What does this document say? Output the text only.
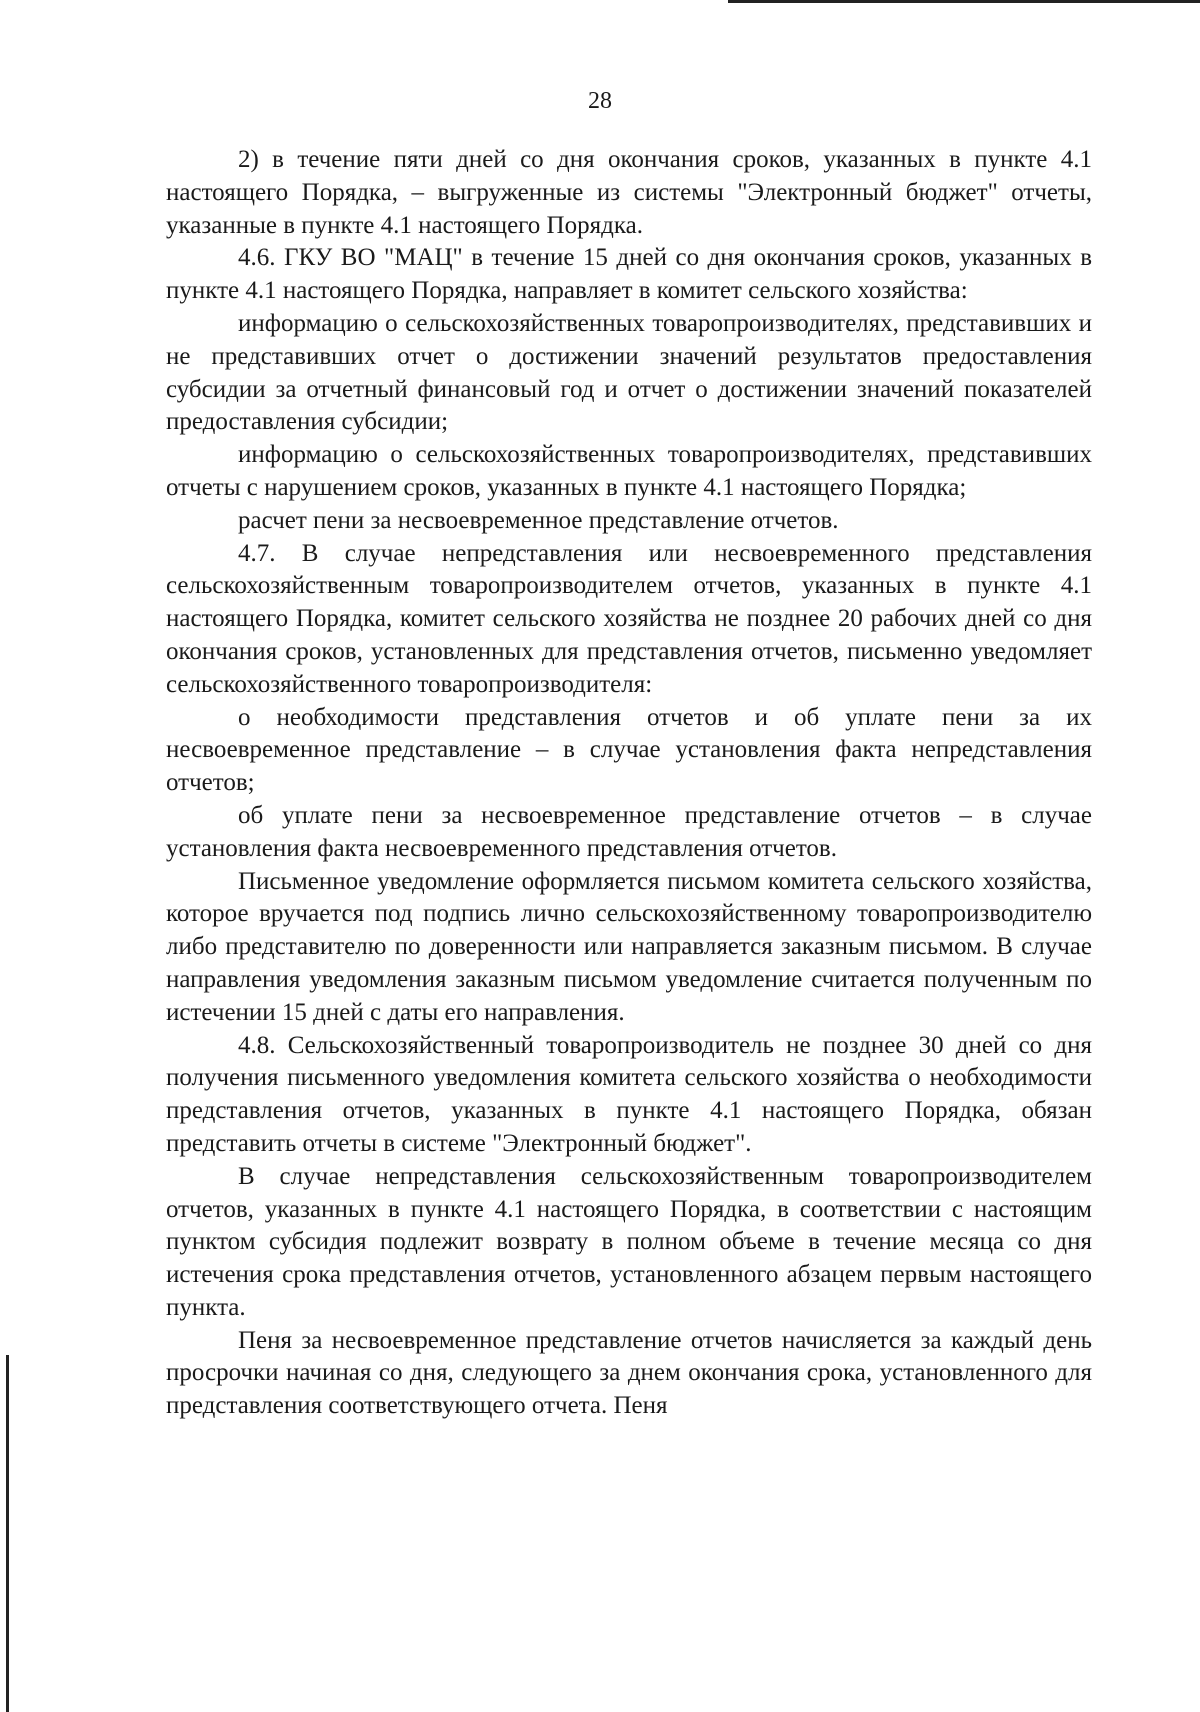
28

2) в течение пяти дней со дня окончания сроков, указанных в пункте 4.1 настоящего Порядка, – выгруженные из системы "Электронный бюджет" отчеты, указанные в пункте 4.1 настоящего Порядка.

4.6. ГКУ ВО "МАЦ" в течение 15 дней со дня окончания сроков, указанных в пункте 4.1 настоящего Порядка, направляет в комитет сельского хозяйства:

информацию о сельскохозяйственных товаропроизводителях, представивших и не представивших отчет о достижении значений результатов предоставления субсидии за отчетный финансовый год и отчет о достижении значений показателей предоставления субсидии;

информацию о сельскохозяйственных товаропроизводителях, представивших отчеты с нарушением сроков, указанных в пункте 4.1 настоящего Порядка;

расчет пени за несвоевременное представление отчетов.

4.7. В случае непредставления или несвоевременного представления сельскохозяйственным товаропроизводителем отчетов, указанных в пункте 4.1 настоящего Порядка, комитет сельского хозяйства не позднее 20 рабочих дней со дня окончания сроков, установленных для представления отчетов, письменно уведомляет сельскохозяйственного товаропроизводителя:

о необходимости представления отчетов и об уплате пени за их несвоевременное представление – в случае установления факта непредставления отчетов;

об уплате пени за несвоевременное представление отчетов – в случае установления факта несвоевременного представления отчетов.

Письменное уведомление оформляется письмом комитета сельского хозяйства, которое вручается под подпись лично сельскохозяйственному товаропроизводителю либо представителю по доверенности или направляется заказным письмом. В случае направления уведомления заказным письмом уведомление считается полученным по истечении 15 дней с даты его направления.

4.8. Сельскохозяйственный товаропроизводитель не позднее 30 дней со дня получения письменного уведомления комитета сельского хозяйства о необходимости представления отчетов, указанных в пункте 4.1 настоящего Порядка, обязан представить отчеты в системе "Электронный бюджет".

В случае непредставления сельскохозяйственным товаропроизводителем отчетов, указанных в пункте 4.1 настоящего Порядка, в соответствии с настоящим пунктом субсидия подлежит возврату в полном объеме в течение месяца со дня истечения срока представления отчетов, установленного абзацем первым настоящего пункта.

Пеня за несвоевременное представление отчетов начисляется за каждый день просрочки начиная со дня, следующего за днем окончания срока, установленного для представления соответствующего отчета. Пеня
